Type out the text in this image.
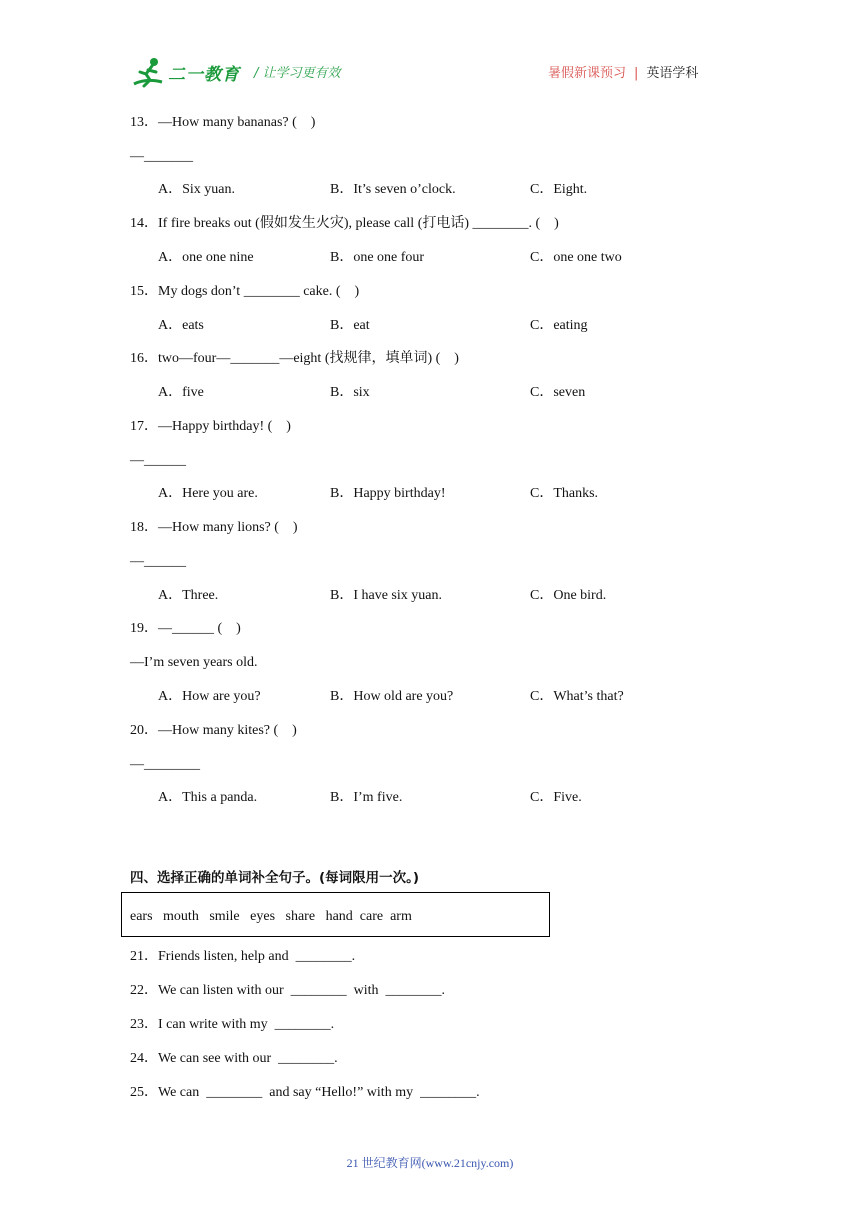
二一教育 / 让学习更有效	暑假新课预习 | 英语学科
13．—How many bananas? (    )
—_______
A．Six yuan.	B．It’s seven o’clock.	C．Eight.
14．If fire breaks out (假如发生火灾), please call (打电话) ________. (    )
A．one one nine	B．one one four	C．one one two
15．My dogs don’t ________ cake. (    )
A．eats	B．eat	C．eating
16．two—four—_______—eight (找规律，填单词) (    )
A．five	B．six	C．seven
17．—Happy birthday! (    )
—______
A．Here you are.	B．Happy birthday!	C．Thanks.
18．—How many lions? (    )
—______
A．Three.	B．I have six yuan.	C．One bird.
19．—______ (    )
—I’m seven years old.
A．How are you?	B．How old are you?	C．What’s that?
20．—How many kites? (    )
—________
A．This a panda.	B．I’m five.	C．Five.
四、选择正确的单词补全句子。(每词限用一次。)
ears   mouth   smile   eyes   share   hand  care  arm
21．Friends listen, help and  ________.
22．We can listen with our  ________  with  ________.
23．I can write with my  ________.
24．We can see with our  ________.
25．We can  ________  and say “Hello!” with my  ________.
21 世纪教育网(www.21cnjy.com)
